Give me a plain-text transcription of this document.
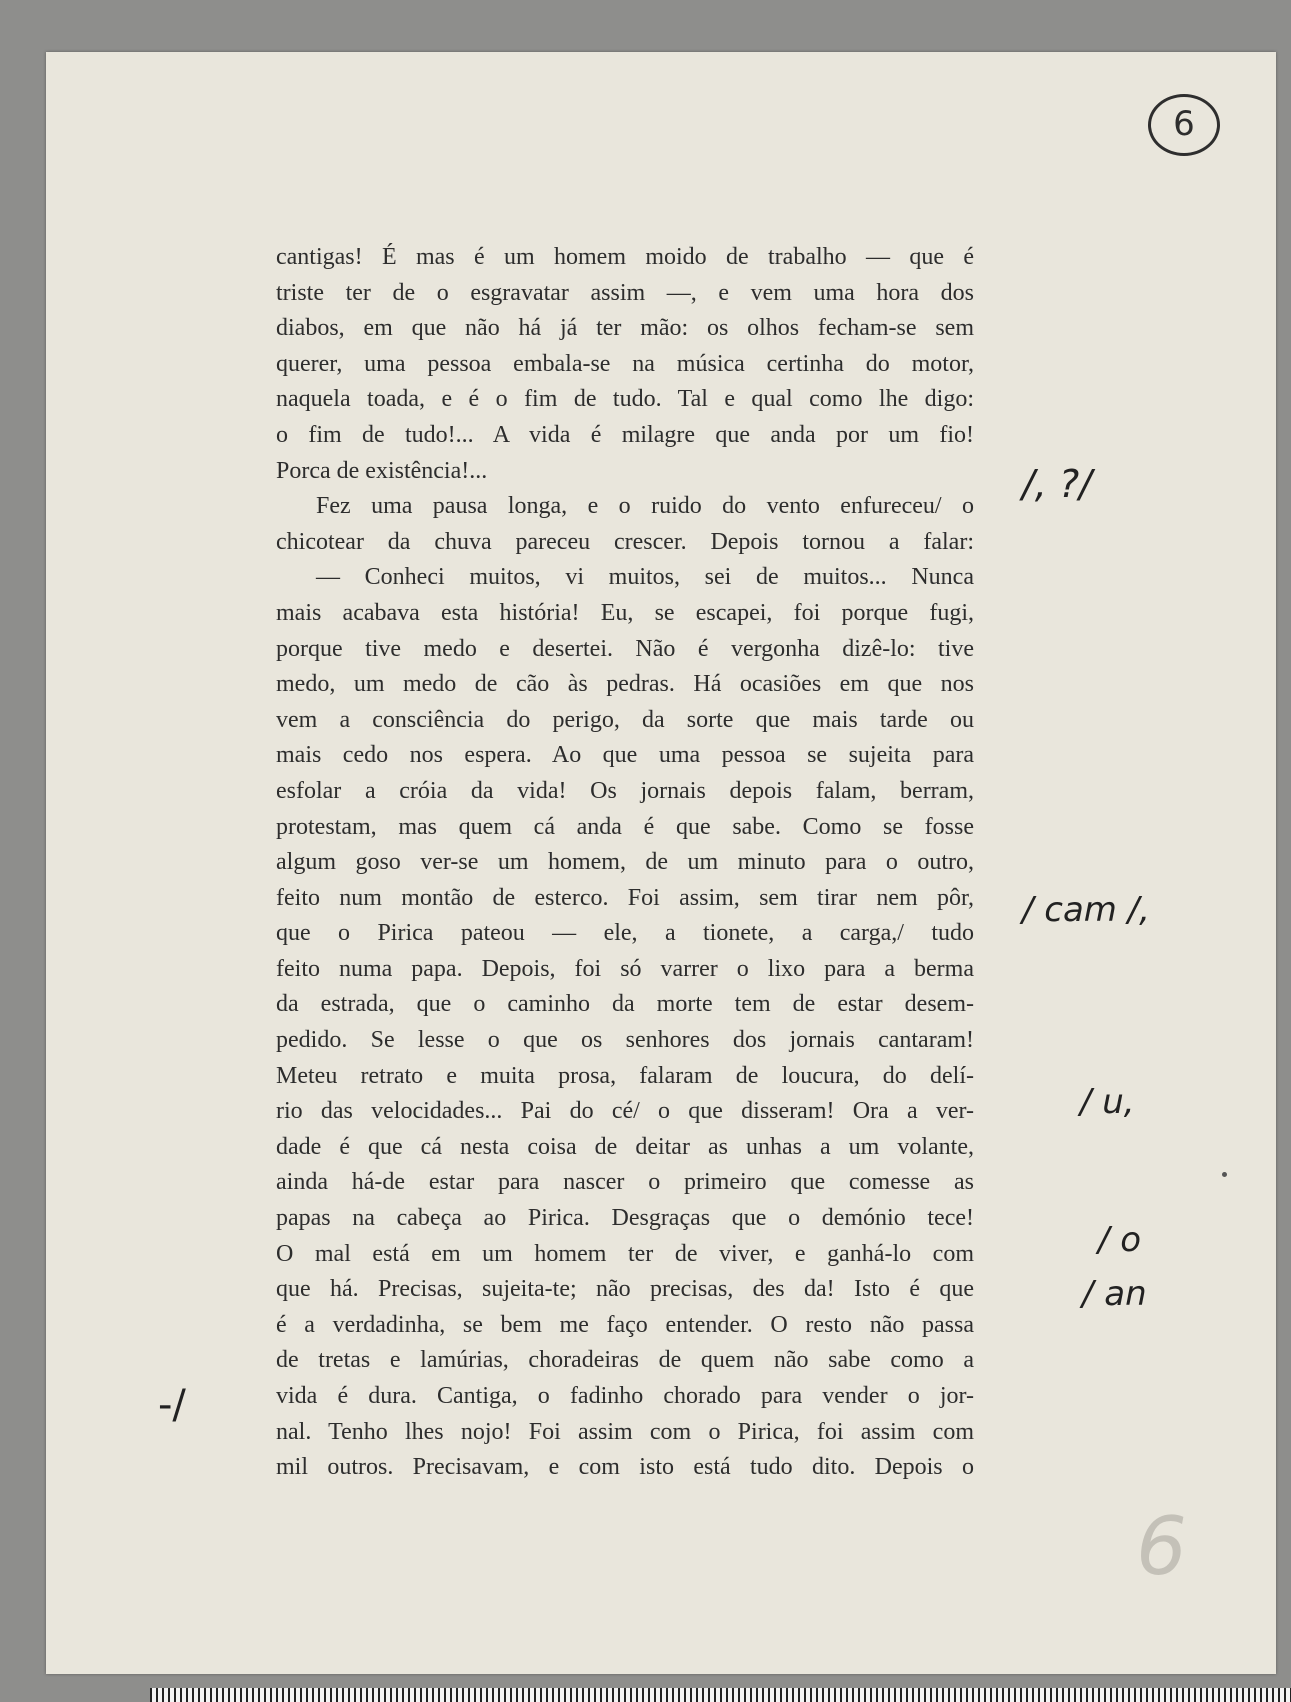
6
cantigas! É mas é um homem moido de trabalho — que é
triste ter de o esgravatar assim —, e vem uma hora dos
diabos, em que não há já ter mão: os olhos fecham-se sem
querer, uma pessoa embala-se na música certinha do motor,
naquela toada, e é o fim de tudo. Tal e qual como lhe digo:
o fim de tudo!... A vida é milagre que anda por um fio!
Porca de existência!...
Fez uma pausa longa, e o ruido do vento enfureceu/ o
chicotear da chuva pareceu crescer. Depois tornou a falar:
— Conheci muitos, vi muitos, sei de muitos... Nunca
mais acabava esta história! Eu, se escapei, foi porque fugi,
porque tive medo e desertei. Não é vergonha dizê-lo: tive
medo, um medo de cão às pedras. Há ocasiões em que nos
vem a consciência do perigo, da sorte que mais tarde ou
mais cedo nos espera. Ao que uma pessoa se sujeita para
esfolar a cróia da vida! Os jornais depois falam, berram,
protestam, mas quem cá anda é que sabe. Como se fosse
algum goso ver-se um homem, de um minuto para o outro,
feito num montão de esterco. Foi assim, sem tirar nem pôr,
que o Pirica pateou — ele, a tionete, a carga,/ tudo
feito numa papa. Depois, foi só varrer o lixo para a berma
da estrada, que o caminho da morte tem de estar desem-
pedido. Se lesse o que os senhores dos jornais cantaram!
Meteu retrato e muita prosa, falaram de loucura, do delí-
rio das velocidades... Pai do cé/ o que disseram! Ora a ver-
dade é que cá nesta coisa de deitar as unhas a um volante,
ainda há-de estar para nascer o primeiro que comesse as
papas na cabeça ao Pirica. Desgraças que o demónio tece!
O mal está em um homem ter de viver, e ganhá-lo com
que há. Precisas, sujeita-te; não precisas, des da! Isto é que
é a verdadinha, se bem me faço entender. O resto não passa
de tretas e lamúrias, choradeiras de quem não sabe como a
vida é dura. Cantiga, o fadinho chorado para vender o jor-
nal. Tenho lhes nojo! Foi assim com o Pirica, foi assim com
mil outros. Precisavam, e com isto está tudo dito. Depois o
/, ?/
/ cam /,
/ u,
/ o
/ an
-/
6
